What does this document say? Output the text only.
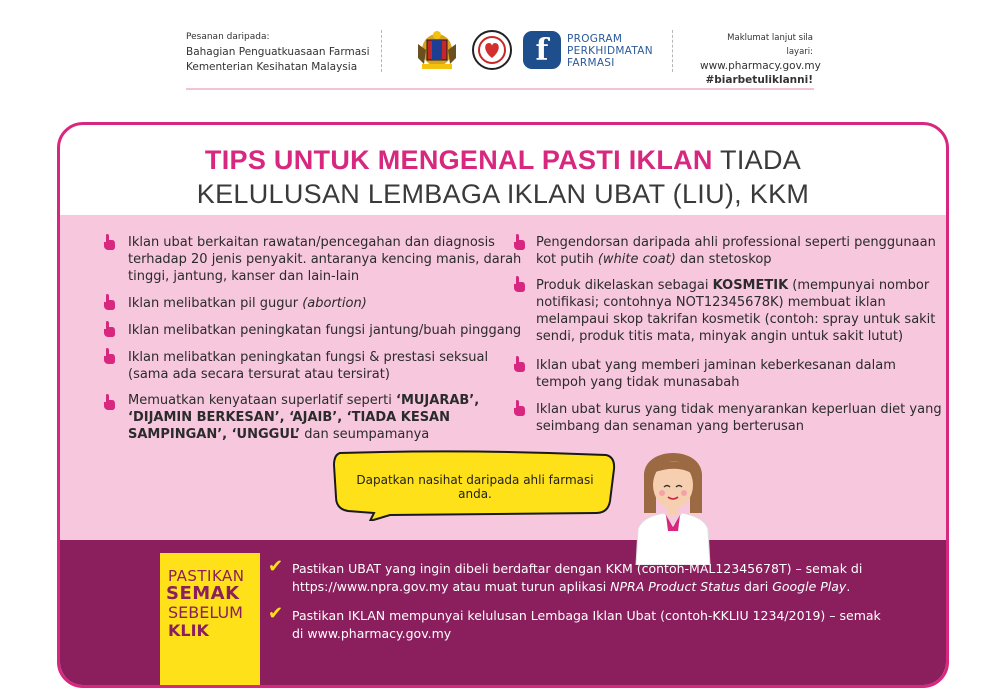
Pesanan daripada:
Bahagian Penguatkuasaan Farmasi
Kementerian Kesihatan Malaysia	f	PROGRAM
PERKHIDMATAN
FARMASI
Maklumat lanjut sila layari:
www.pharmacy.gov.my
#biarbetuliklanni!
TIPS UNTUK MENGENAL PASTI IKLAN TIADA
KELULUSAN LEMBAGA IKLAN UBAT (LIU), KKM
Iklan ubat berkaitan rawatan/pencegahan dan diagnosis
terhadap 20 jenis penyakit. antaranya kencing manis, darah
tinggi, jantung, kanser dan lain-lain
Iklan melibatkan pil gugur (abortion)
Iklan melibatkan peningkatan fungsi jantung/buah pinggang
Iklan melibatkan peningkatan fungsi & prestasi seksual
(sama ada secara tersurat atau tersirat)
Memuatkan kenyataan superlatif seperti ‘MUJARAB’,
‘DIJAMIN BERKESAN’, ‘AJAIB’, ‘TIADA KESAN
SAMPINGAN’, ‘UNGGUL’ dan seumpamanya
Pengendorsan daripada ahli professional seperti penggunaan
kot putih (white coat) dan stetoskop
Produk dikelaskan sebagai KOSMETIK (mempunyai nombor
notifikasi; contohnya NOT12345678K) membuat iklan
melampaui skop takrifan kosmetik (contoh: spray untuk sakit
sendi, produk titis mata, minyak angin untuk sakit lutut)
Iklan ubat yang memberi jaminan keberkesanan dalam
tempoh yang tidak munasabah
Iklan ubat kurus yang tidak menyarankan keperluan diet yang
seimbang dan senaman yang berterusan
Dapatkan nasihat daripada ahli farmasi anda.
PASTIKAN
SEMAK
SEBELUM
KLIK
✔ Pastikan UBAT yang ingin dibeli berdaftar dengan KKM (contoh-MAL12345678T) – semak di
https://www.npra.gov.my atau muat turun aplikasi NPRA Product Status dari Google Play.
✔ Pastikan IKLAN mempunyai kelulusan Lembaga Iklan Ubat (contoh-KKLIU 1234/2019) – semak
di www.pharmacy.gov.my
